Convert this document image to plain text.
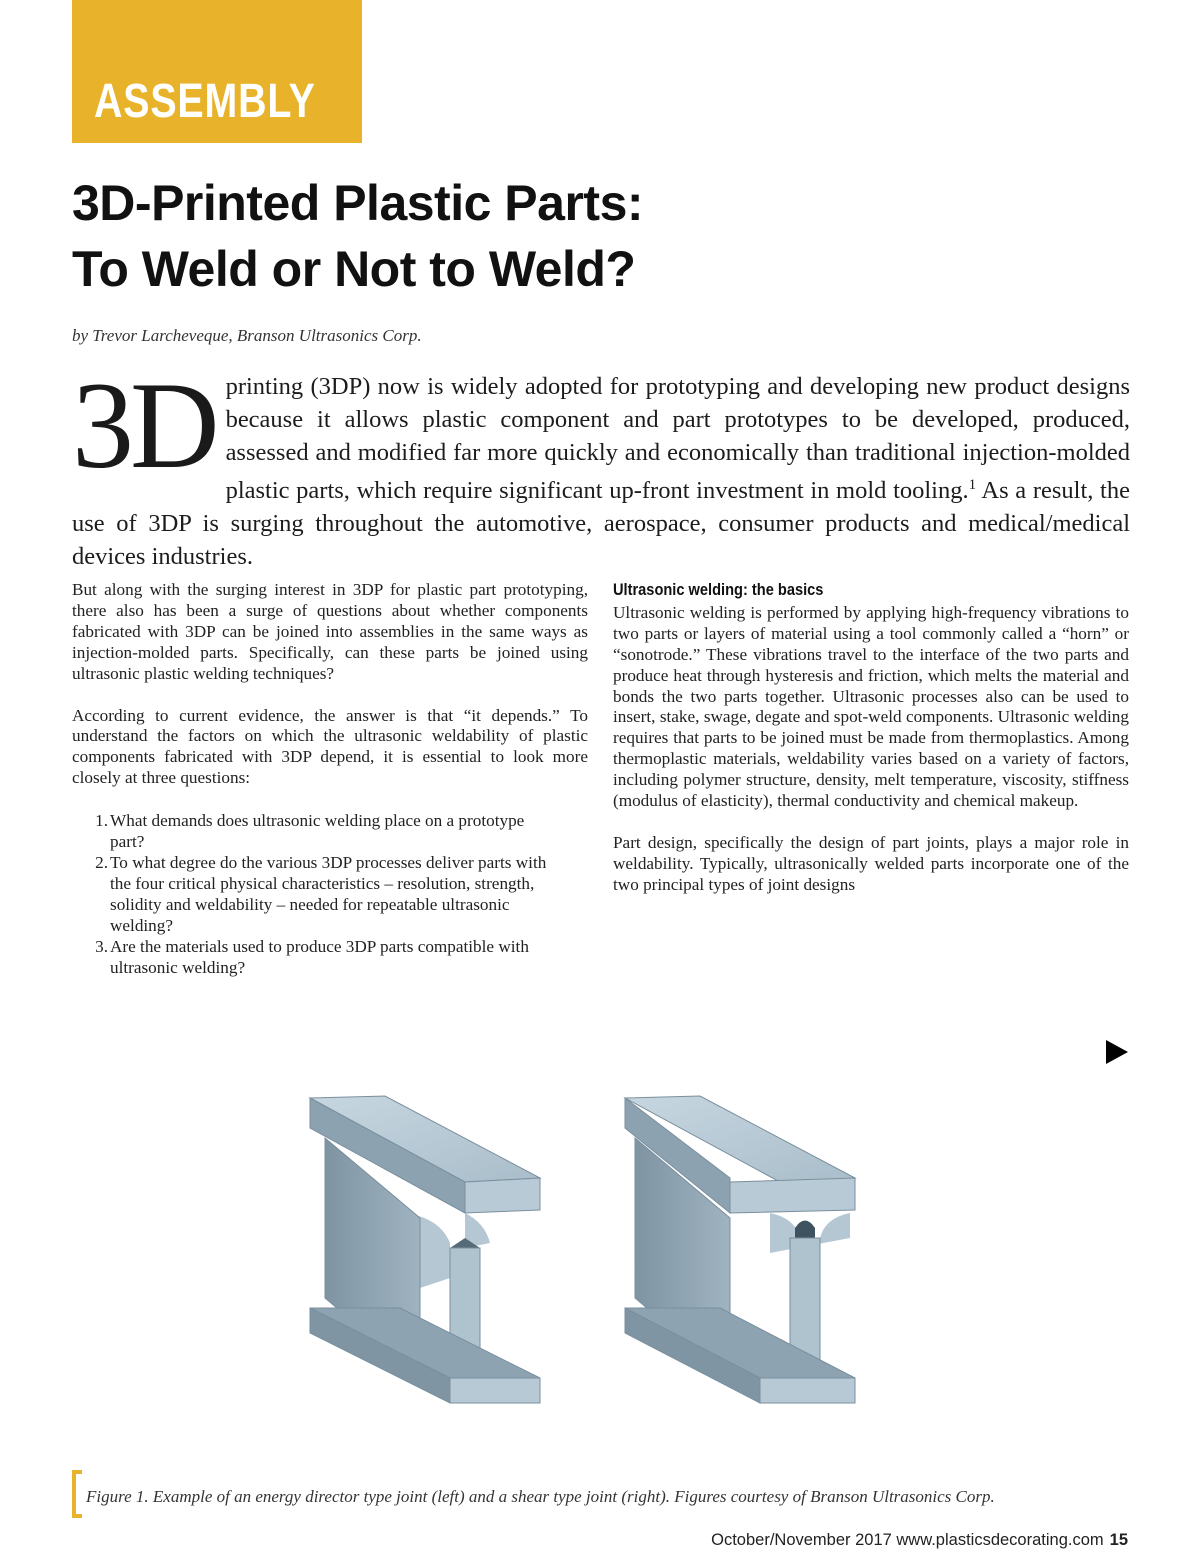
ASSEMBLY
3D-Printed Plastic Parts:
To Weld or Not to Weld?
by Trevor Larcheveque, Branson Ultrasonics Corp.
3D printing (3DP) now is widely adopted for prototyping and developing new product designs because it allows plastic component and part prototypes to be developed, produced, assessed and modified far more quickly and economically than traditional injection-molded plastic parts, which require significant up-front investment in mold tooling.$^1$ As a result, the use of 3DP is surging throughout the automotive, aerospace, consumer products and medical/medical devices industries.

But along with the surging interest in 3DP for plastic part prototyping, there also has been a surge of questions about whether components fabricated with 3DP can be joined into assemblies in the same ways as injection-molded parts. Specifically, can these parts be joined using ultrasonic plastic welding techniques?

According to current evidence, the answer is that “it depends.” To understand the factors on which the ultrasonic weldability of plastic components fabricated with 3DP depend, it is essential to look more closely at three questions:

1. What demands does ultrasonic welding place on a prototype part?
2. To what degree do the various 3DP processes deliver parts with the four critical physical characteristics – resolution, strength, solidity and weldability – needed for repeatable ultrasonic welding?
3. Are the materials used to produce 3DP parts compatible with ultrasonic welding?
Ultrasonic welding: the basics

Ultrasonic welding is performed by applying high-frequency vibrations to two parts or layers of material using a tool commonly called a “horn” or “sonotrode.” These vibrations travel to the interface of the two parts and produce heat through hysteresis and friction, which melts the material and bonds the two parts together. Ultrasonic processes also can be used to insert, stake, swage, degate and spot-weld components. Ultrasonic welding requires that parts to be joined must be made from thermoplastics. Among thermoplastic materials, weldability varies based on a variety of factors, including polymer structure, density, melt temperature, viscosity, stiffness (modulus of elasticity), thermal conductivity and chemical makeup.

Part design, specifically the design of part joints, plays a major role in weldability. Typically, ultrasonically welded parts incorporate one of the two principal types of joint designs

Figure 1. Example of an energy director type joint (left) and a shear type joint (right). Figures courtesy of Branson Ultrasonics Corp.
October/November 2017 www.plasticsdecorating.com 15
